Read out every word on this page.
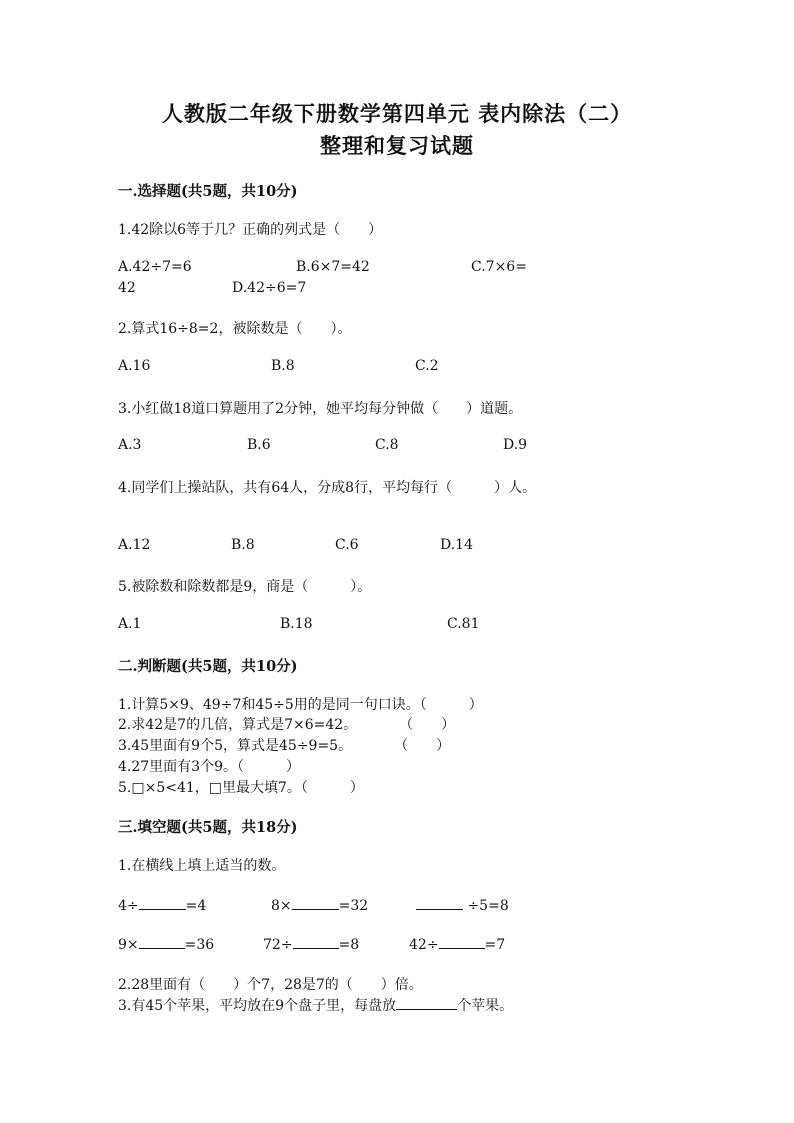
人教版二年级下册数学第四单元 表内除法（二）
整理和复习试题
一.选择题(共5题，共10分)
1.42除以6等于几？正确的列式是（　　）
A.42÷7=6	B.6×7=42	C.7×6=
42	D.42÷6=7
2.算式16÷8=2，被除数是（　　）。
A.16	B.8	C.2
3.小红做18道口算题用了2分钟，她平均每分钟做（　　）道题。
A.3	B.6	C.8	D.9
4.同学们上操站队，共有64人，分成8行，平均每行（　　　）人。
A.12	B.8	C.6	D.14
5.被除数和除数都是9，商是（　　　）。
A.1	B.18	C.81
二.判断题(共5题，共10分)
1.计算5×9、49÷7和45÷5用的是同一句口诀。（　　　）
2.求42是7的几倍，算式是7×6=42。　　　　（　　）
3.45里面有9个5，算式是45÷9=5。　　　　（　　）
4.27里面有3个9。（　　　）
5.□×5<41，□里最大填7。（　　　）
三.填空题(共5题，共18分)
1.在横线上填上适当的数。
4÷	=4	8×	=32	÷5=8
9×	=36	72÷	=8	42÷	=7
2.28里面有（　　）个7，28是7的（　　）倍。
3.有45个苹果，平均放在9个盘子里，每盘放	个苹果。
